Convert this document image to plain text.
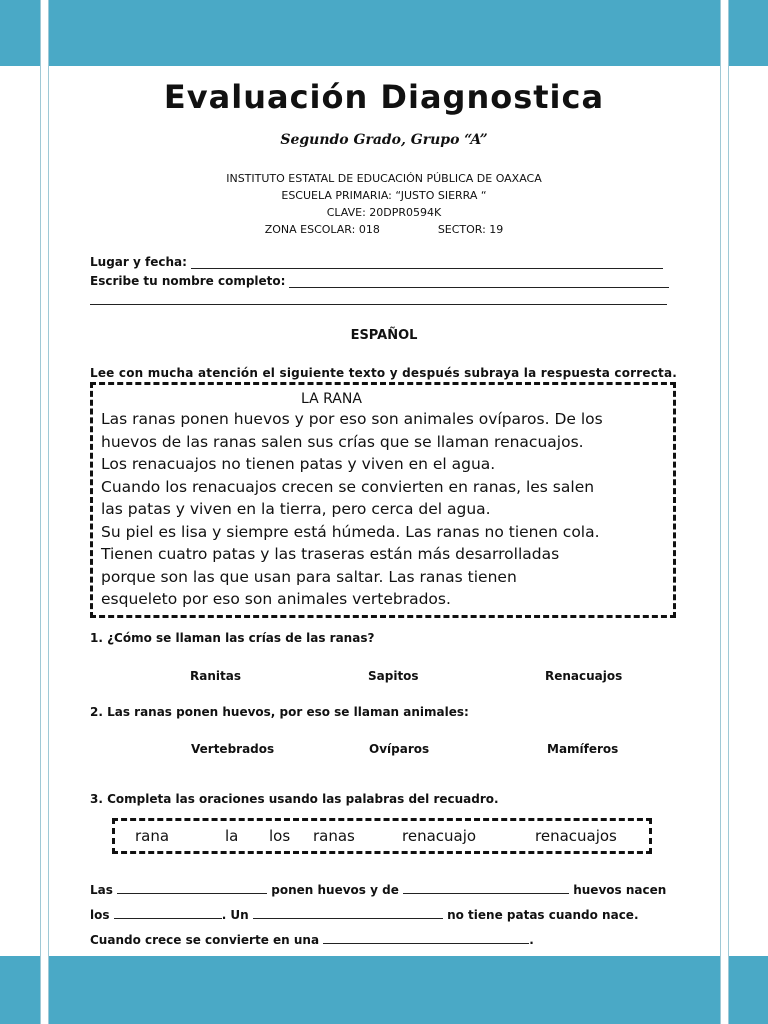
Evaluación Diagnostica
Segundo Grado, Grupo “A”
INSTITUTO ESTATAL DE EDUCACIÓN PÚBLICA DE OAXACA
ESCUELA PRIMARIA: “JUSTO SIERRA “
CLAVE: 20DPR0594K
ZONA ESCOLAR: 018	SECTOR: 19
Lugar y fecha:
Escribe tu nombre completo:
ESPAÑOL
Lee con mucha atención el siguiente texto y después subraya la respuesta correcta.
LA RANA
Las ranas ponen huevos y por eso son animales ovíparos. De los
huevos de las ranas salen sus crías que se llaman renacuajos.
Los renacuajos no tienen patas y viven en el agua.
Cuando los renacuajos crecen se convierten en ranas, les salen
las patas y viven en la tierra, pero cerca del agua.
Su piel es lisa y siempre está húmeda. Las ranas no tienen cola.
Tienen cuatro patas y las traseras están más desarrolladas
porque son las que usan para saltar. Las ranas tienen
esqueleto por eso son animales vertebrados.
1. ¿Cómo se llaman las crías de las ranas?
Ranitas	Sapitos	Renacuajos
2. Las ranas ponen huevos, por eso se llaman animales:
Vertebrados	Ovíparos	Mamíferos
3. Completa las oraciones usando las palabras del recuadro.
rana	la los ranas	renacuajo	renacuajos
Las	ponen huevos y de	huevos nacen
los	. Un	no tiene patas cuando nace.
Cuando crece se convierte en una	.
